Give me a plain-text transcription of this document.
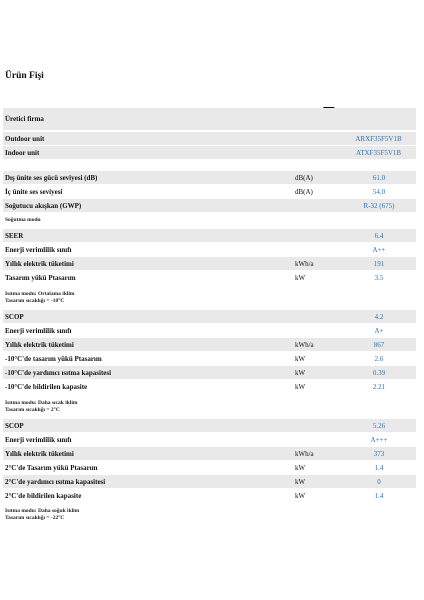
Ürün Fişi
Üretici firma
Outdoor unit	ARXF35F5V1B
Indoor unit	ATXF35F5V1B
Dış ünite ses gücü seviyesi (dB)	dB(A)	61.0
İç ünite ses seviyesi	dB(A)	54.0
Soğutucu akışkan (GWP)	R-32 (675)
Soğutma modu
SEER	6.4
Enerji verimlilik sınıfı	A++
Yıllık elektrik tüketimi	kWh/a	191
Tasarım yükü Ptasarım	kW	3.5
Isıtma modu: Ortalama iklim
Tasarım sıcaklığı = -10°C
SCOP	4.2
Enerji verimlilik sınıfı	A+
Yıllık elektrik tüketimi	kWh/a	867
-10°C'de tasarım yükü Ptasarım	kW	2.6
-10°C'de yardımcı ısıtma kapasitesi	kW	0.39
-10°C'de bildirilen kapasite	kW	2.21
Isıtma modu: Daha sıcak iklim
Tasarım sıcaklığı = 2°C
SCOP	5.26
Enerji verimlilik sınıfı	A+++
Yıllık elektrik tüketimi	kWh/a	373
2°C'de Tasarım yükü Ptasarım	kW	1.4
2°C'de yardımcı ısıtma kapasitesi	kW	0
2°C'de bildirilen kapasite	kW	1.4
Isıtma modu: Daha soğuk iklim
Tasarım sıcaklığı = -22°C
